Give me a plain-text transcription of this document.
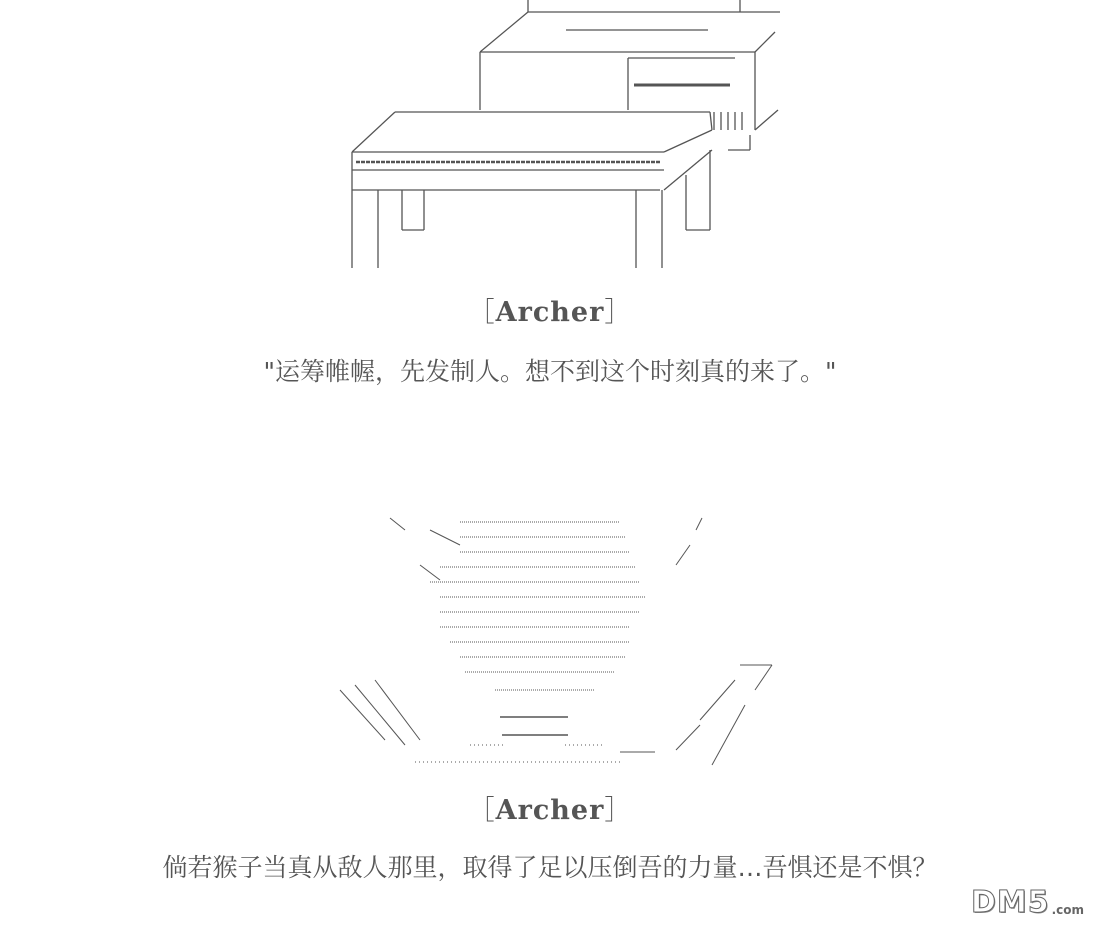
［Archer］
"运筹帷幄，先发制人。想不到这个时刻真的来了。"
［Archer］
倘若猴子当真从敌人那里，取得了足以压倒吾的力量…吾惧还是不惧？
DM5 .com
